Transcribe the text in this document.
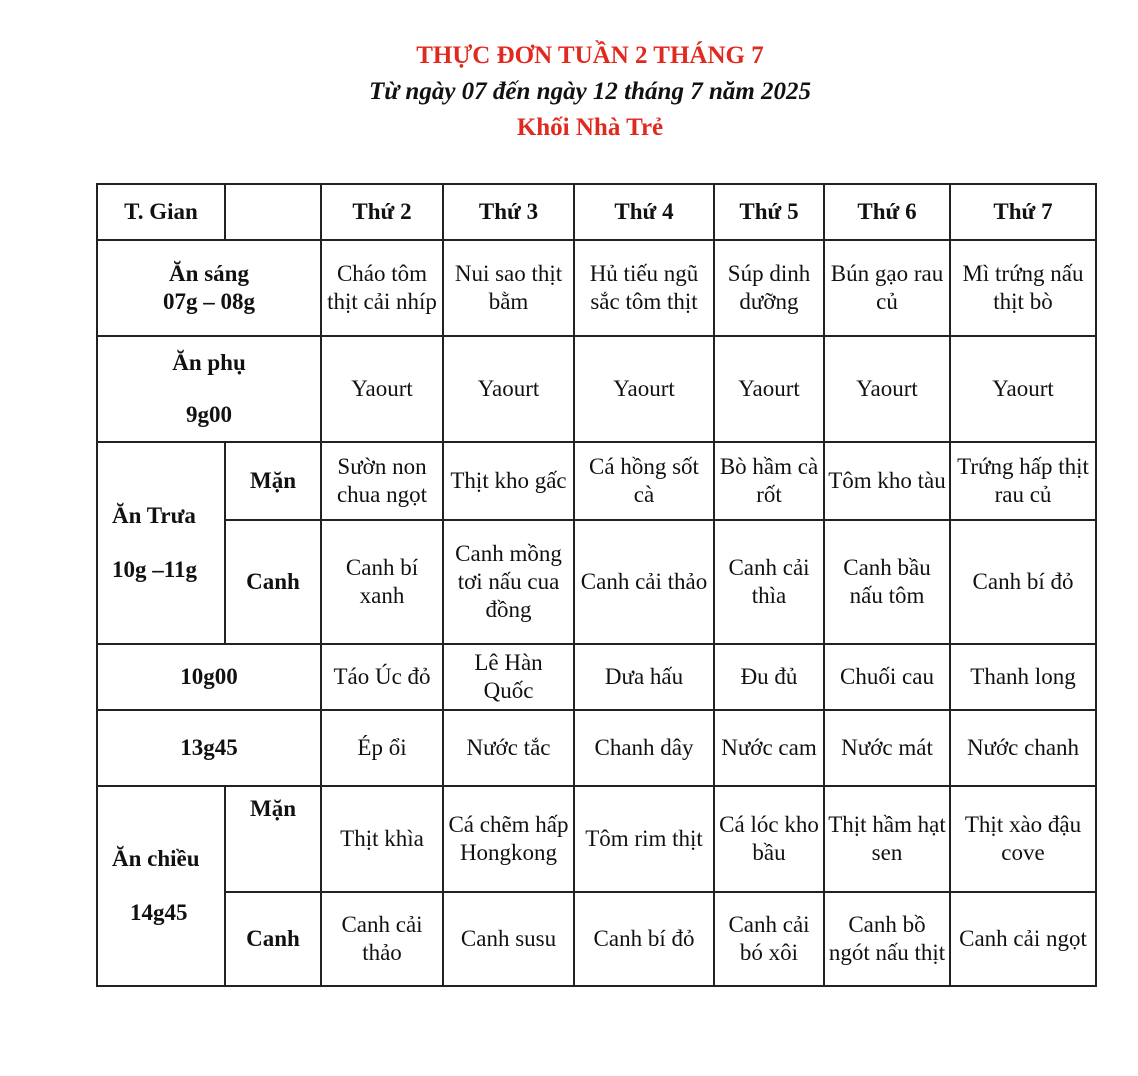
THỰC ĐƠN TUẦN 2 THÁNG 7
Từ ngày 07 đến ngày 12 tháng 7 năm 2025
Khối Nhà Trẻ
T. Gian		Thứ 2	Thứ 3	Thứ 4	Thứ 5	Thứ 6	Thứ 7

Ăn sáng
07g – 08g		Cháo tôm thịt cải nhíp	Nui sao thịt bằm	Hủ tiếu ngũ sắc tôm thịt	Súp dinh dưỡng	Bún gạo rau củ	Mì trứng nấu thịt bò

Ăn phụ
9g00		Yaourt	Yaourt	Yaourt	Yaourt	Yaourt	Yaourt

Ăn Trưa
10g –11g	Mặn	Sườn non chua ngọt	Thịt kho gấc	Cá hồng sốt cà	Bò hầm cà rốt	Tôm kho tàu	Trứng hấp thịt rau củ
	Canh	Canh bí xanh	Canh mồng tơi nấu cua đồng	Canh cải thảo	Canh cải thìa	Canh bầu nấu tôm	Canh bí đỏ
10g00		Táo Úc đỏ	Lê Hàn Quốc	Dưa hấu	Đu đủ	Chuối cau	Thanh long
13g45		Ép ổi	Nước tắc	Chanh dây	Nước cam	Nước mát	Nước chanh

Ăn chiều
14g45	Mặn	Thịt khìa	Cá chẽm hấp Hongkong	Tôm rim thịt	Cá lóc kho bầu	Thịt hầm hạt sen	Thịt xào đậu cove
	Canh	Canh cải thảo	Canh susu	Canh bí đỏ	Canh cải bó xôi	Canh bồ ngót nấu thịt	Canh cải ngọt
